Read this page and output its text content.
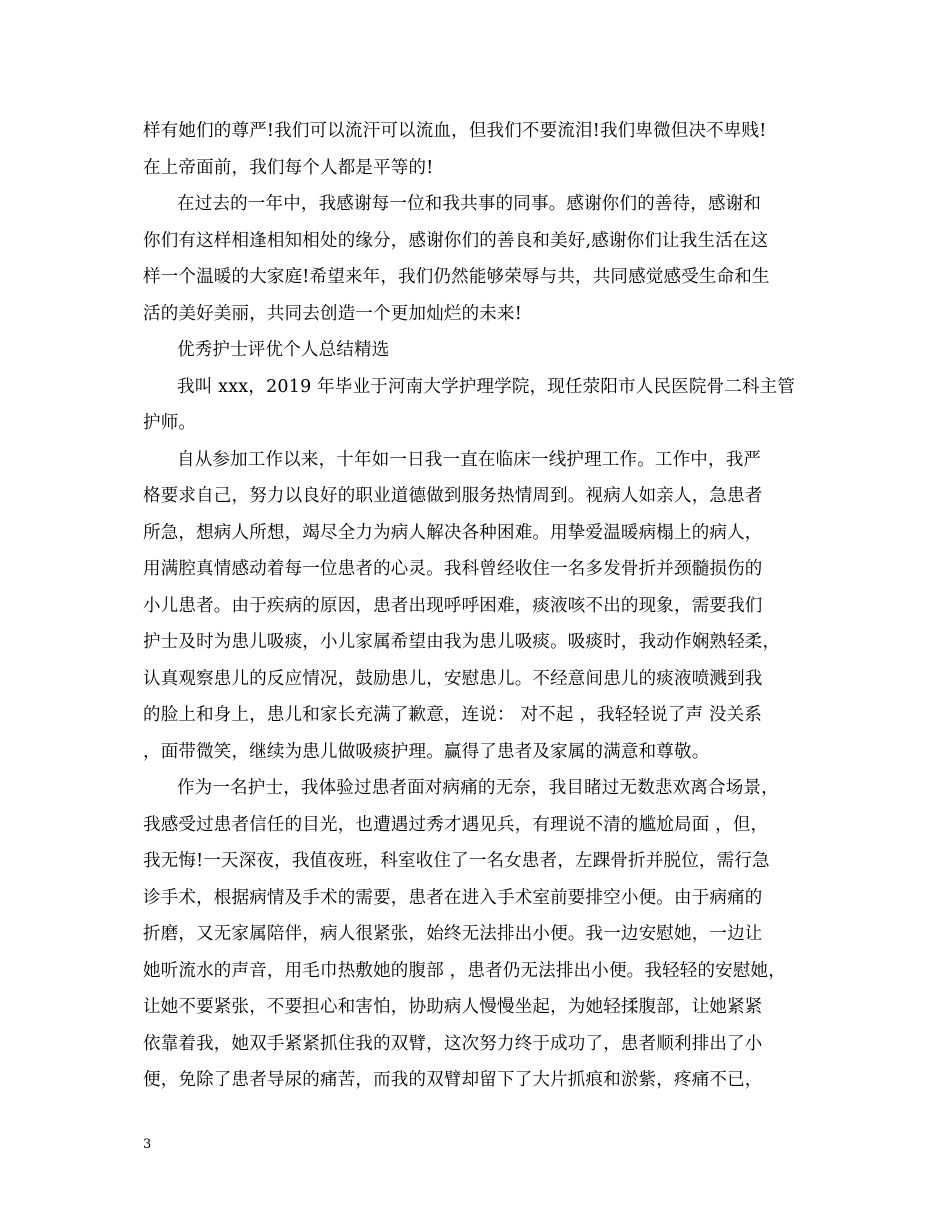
样有她们的尊严!我们可以流汗可以流血，但我们不要流泪!我们卑微但决不卑贱!
在上帝面前，我们每个人都是平等的!
在过去的一年中，我感谢每一位和我共事的同事。感谢你们的善待，感谢和
你们有这样相逢相知相处的缘分，感谢你们的善良和美好,感谢你们让我生活在这
样一个温暖的大家庭!希望来年，我们仍然能够荣辱与共，共同感觉感受生命和生
活的美好美丽，共同去创造一个更加灿烂的未来!
优秀护士评优个人总结精选
我叫 xxx，2019 年毕业于河南大学护理学院，现任荥阳市人民医院骨二科主管
护师。
自从参加工作以来，十年如一日我一直在临床一线护理工作。工作中，我严
格要求自己，努力以良好的职业道德做到服务热情周到。视病人如亲人，急患者
所急，想病人所想，竭尽全力为病人解决各种困难。用挚爱温暖病榻上的病人，
用满腔真情感动着每一位患者的心灵。我科曾经收住一名多发骨折并颈髓损伤的
小儿患者。由于疾病的原因，患者出现呼呼困难，痰液咳不出的现象，需要我们
护士及时为患儿吸痰，小儿家属希望由我为患儿吸痰。吸痰时，我动作娴熟轻柔，
认真观察患儿的反应情况，鼓励患儿，安慰患儿。不经意间患儿的痰液喷溅到我
的脸上和身上，患儿和家长充满了歉意，连说： 对不起 ，我轻轻说了声 没关系
，面带微笑，继续为患儿做吸痰护理。赢得了患者及家属的满意和尊敬。
作为一名护士，我体验过患者面对病痛的无奈，我目睹过无数悲欢离合场景，
我感受过患者信任的目光，也遭遇过秀才遇见兵，有理说不清的尴尬局面 ，但，
我无悔!一天深夜，我值夜班，科室收住了一名女患者，左踝骨折并脱位，需行急
诊手术，根据病情及手术的需要，患者在进入手术室前要排空小便。由于病痛的
折磨，又无家属陪伴，病人很紧张，始终无法排出小便。我一边安慰她，一边让
她听流水的声音，用毛巾热敷她的腹部 ，患者仍无法排出小便。我轻轻的安慰她，
让她不要紧张，不要担心和害怕，协助病人慢慢坐起，为她轻揉腹部，让她紧紧
依靠着我，她双手紧紧抓住我的双臂，这次努力终于成功了，患者顺利排出了小
便，免除了患者导尿的痛苦，而我的双臂却留下了大片抓痕和淤紫，疼痛不已，
3
